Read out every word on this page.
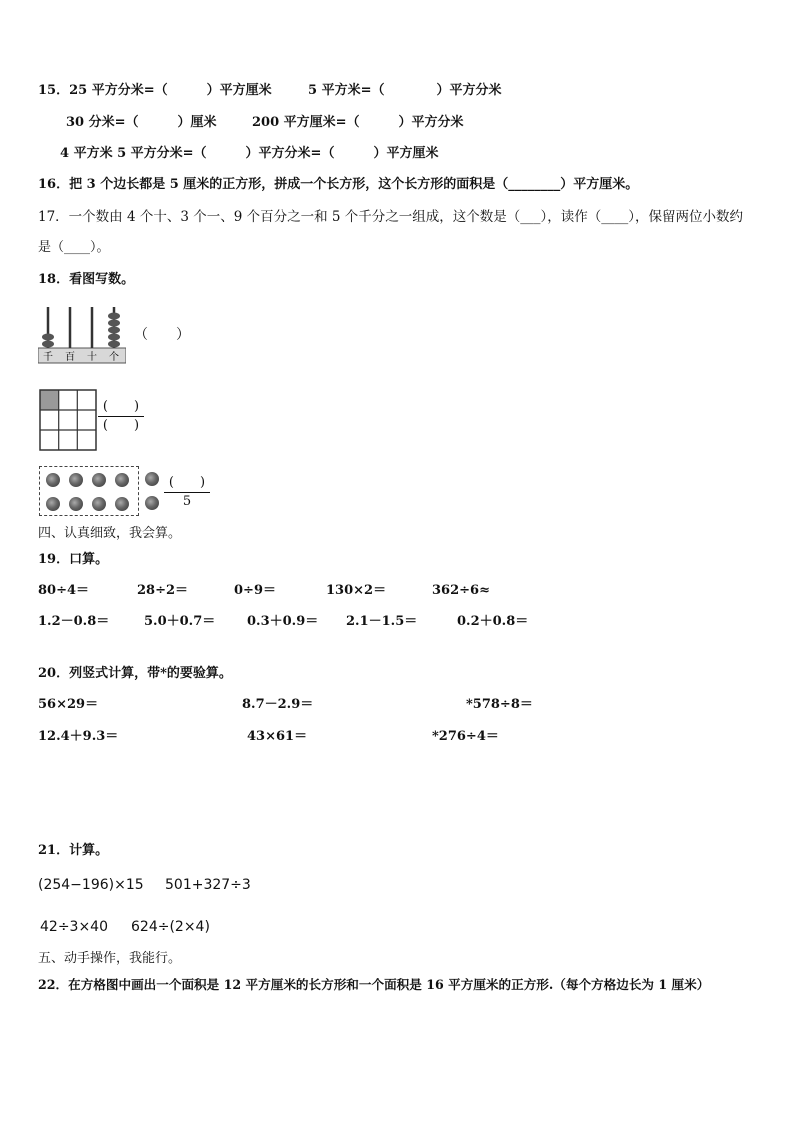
15．25 平方分米=（　　　）平方厘米	5 平方米=（　　　　）平方分米
30 分米=（　　　）厘米	200 平方厘米=（　　　）平方分米
4 平方米 5 平方分米=（　　　）平方分米=（　　　）平方厘米
16．把 3 个边长都是 5 厘米的正方形，拼成一个长方形，这个长方形的面积是（________）平方厘米。
17．一个数由 4 个十、3 个一、9 个百分之一和 5 个千分之一组成，这个数是（___），读作（____），保留两位小数约
是（____）。
18．看图写数。
千 百 十 个
（　　）
(　　)
(　　)
(　　)
5
四、认真细致，我会算。
19．口算。
80÷4＝	28÷2＝	0÷9＝	130×2＝	362÷6≈
1.2－0.8＝	5.0＋0.7＝ 0.3＋0.9＝ 2.1－1.5＝	0.2＋0.8＝
20．列竖式计算，带*的要验算。
56×29＝	8.7－2.9＝	*578÷8＝
12.4＋9.3＝	43×61＝	*276÷4＝
21．计算。
(254−196)×15 501+327÷3
42÷3×40 624÷(2×4)
五、动手操作，我能行。
22．在方格图中画出一个面积是 12 平方厘米的长方形和一个面积是 16 平方厘米的正方形.（每个方格边长为 1 厘米）
